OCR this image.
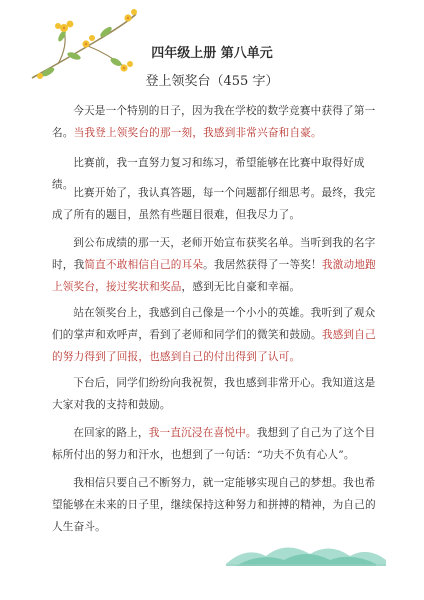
四年级上册 第八单元
登上领奖台（455 字）

今天是一个特别的日子，因为我在学校的数学竞赛中获得了第一名。当我登上领奖台的那一刻，我感到非常兴奋和自豪。

比赛前，我一直努力复习和练习，希望能够在比赛中取得好成绩。

比赛开始了，我认真答题，每一个问题都仔细思考。最终，我完成了所有的题目，虽然有些题目很难，但我尽力了。

到公布成绩的那一天，老师开始宣布获奖名单。当听到我的名字时，我简直不敢相信自己的耳朵。我居然获得了一等奖！我激动地跑上领奖台，接过奖状和奖品，感到无比自豪和幸福。

站在领奖台上，我感到自己像是一个小小的英雄。我听到了观众们的掌声和欢呼声，看到了老师和同学们的微笑和鼓励。我感到自己的努力得到了回报，也感到自己的付出得到了认可。

下台后，同学们纷纷向我祝贺，我也感到非常开心。我知道这是大家对我的支持和鼓励。

在回家的路上，我一直沉浸在喜悦中。我想到了自己为了这个目标所付出的努力和汗水，也想到了一句话：“功夫不负有心人”。

我相信只要自己不断努力，就一定能够实现自己的梦想。我也希望能够在未来的日子里，继续保持这种努力和拼搏的精神，为自己的人生奋斗。
